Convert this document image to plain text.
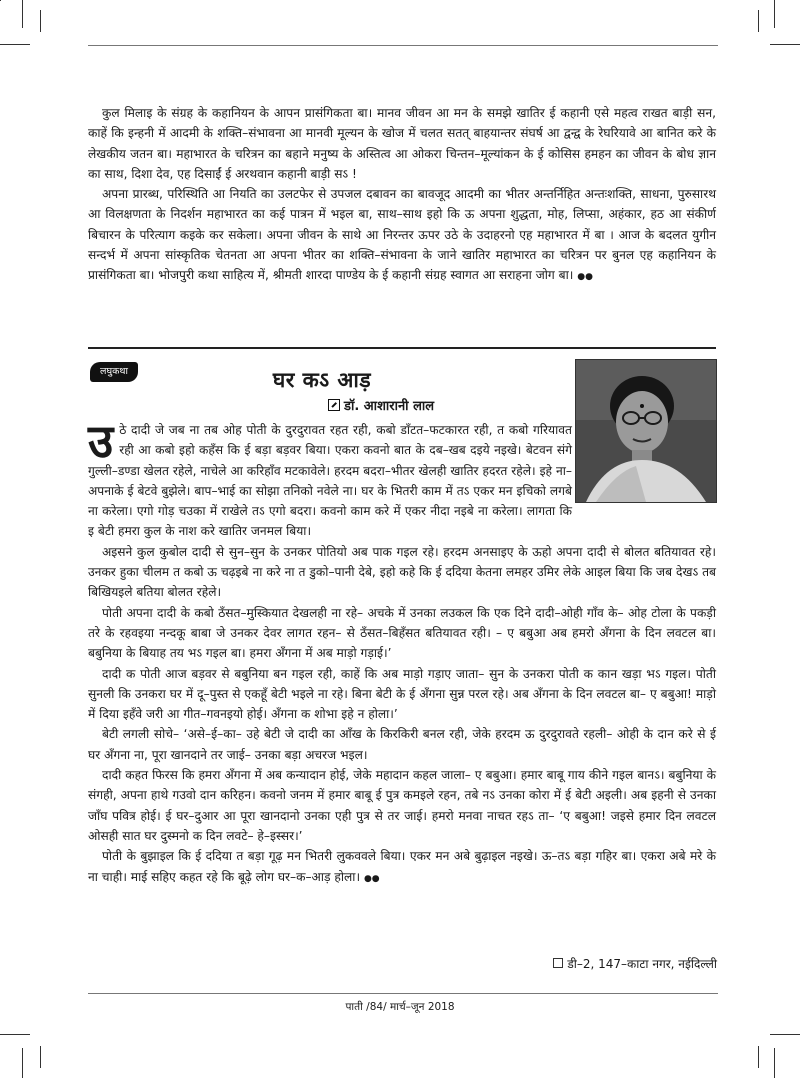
कुल मिलाइ के संग्रह के कहानियन के आपन प्रासंगिकता बा। मानव जीवन आ मन के समझे खातिर ई कहानी एसे महत्व राखत बाड़ी सन, काहें कि इन्हनी में आदमी के शक्ति–संभावना आ मानवी मूल्यन के खोज में चलत सतत् बाहयान्तर संघर्ष आ द्वन्द्व के रेघरियावे आ बानित करे के लेखकीय जतन बा। महाभारत के चरित्रन का बहाने मनुष्य के अस्तित्व आ ओकरा चिन्तन–मूल्यांकन के ई कोसिस हमहन का जीवन के बोध ज्ञान का साथ, दिशा देव, एह दिसाईं ई अरथवान कहानी बाड़ी सऽ !

अपना प्रारब्ध, परिस्थिति आ नियति का उलटफेर से उपजल दबावन का बावजूद आदमी का भीतर अन्तर्निहित अन्तःशक्ति, साधना, पुरुसारथ आ विलक्षणता के निदर्शन महाभारत का कई पात्रन में भइल बा, साथ–साथ इहो कि ऊ अपना शुद्धता, मोह, लिप्सा, अहंकार, हठ आ संकीर्ण बिचारन के परित्याग कइके कर सकेला। अपना जीवन के साथे आ निरन्तर ऊपर उठे के उदाहरनो एह महाभारत में बा । आज के बदलत युगीन सन्दर्भ में अपना सांस्कृतिक चेतनता आ अपना भीतर का शक्ति–संभावना के जाने खातिर महाभारत का चरित्रन पर बुनल एह कहानियन के प्रासंगिकता बा। भोजपुरी कथा साहित्य में, श्रीमती शारदा पाण्डेय के ई कहानी संग्रह स्वागत आ सराहना जोग बा। ●●

लघुकथा	घर कऽ आड़
डॉ. आशारानी लाल

उठे दादी जे जब ना तब ओह पोती के दुरदुरावत रहत रही, कबो डाँटत–फटकारत रही, त कबो गरियावत रही आ कबो इहो कहँस कि ई बड़ा बड़वर बिया। एकरा कवनो बात के दब–खब दइये नइखे। बेटवन संगे गुल्ली–डण्डा खेलत रहेले, नाचेले आ करिहाँव मटकावेले। हरदम बदरा–भीतर खेलही खातिर हदरत रहेले। इहे ना– अपनाके ई बेटवे बुझेले। बाप–भाई का सोझा तनिको नवेले ना। घर के भितरी काम में तऽ एकर मन इचिको लगबे ना करेला। एगो गोड़ चउका में राखेले तऽ एगो बदरा। कवनो काम करे में एकर नीदा नइबे ना करेला। लागता कि इ बेटी हमरा कुल के नाश करे खातिर जनमल बिया।

अइसने कुल कुबोल दादी से सुन–सुन के उनकर पोतियो अब पाक गइल रहे। हरदम अनसाइए के ऊहो अपना दादी से बोलत बतियावत रहे। उनकर हुका चीलम त कबो ऊ चढ़इबे ना करे ना त डुको–पानी देबे, इहो कहे कि ई ददिया केतना लमहर उमिर लेके आइल बिया कि जब देखऽ तब बिखियइले बतिया बोलत रहेले।

पोती अपना दादी के कबो ठँसत–मुस्कियात देखलही ना रहे– अचके में उनका लउकल कि एक दिने दादी–ओही गाँव के– ओह टोला के पकड़ी तरे के रहवइया नन्दकू बाबा जे उनकर देवर लागत रहन– से ठँसत–बिहँसत बतियावत रही। – ए बबुआ अब हमरो अँगना के दिन लवटल बा। बबुनिया के बियाह तय भऽ गइल बा। हमरा अँगना में अब माड़ो गड़ाई।’

दादी क पोती आज बड़वर से बबुनिया बन गइल रही, काहें कि अब माड़ो गड़ाए जाता– सुन के उनकरा पोती क कान खड़ा भऽ गइल। पोती सुनली कि उनकरा घर में दू–पुस्त से एकहूँ बेटी भइले ना रहे। बिना बेटी के ई अँगना सुन्न परल रहे। अब अँगना के दिन लवटल बा– ए बबुआ! माड़ो में दिया इहँवे जरी आ गीत–गवनइयो होई। अँगना क शोभा इहे न होला।’

बेटी लगली सोचे– ‘असे–ई–का– उहे बेटी जे दादी का आँख के किरकिरी बनल रही, जेके हरदम ऊ दुरदुरावते रहली– ओही के दान करे से ई घर अँगना ना, पूरा खानदाने तर जाई– उनका बड़ा अचरज भइल।

दादी कहत फिरस कि हमरा अँगना में अब कन्यादान होई, जेके महादान कहल जाला– ए बबुआ। हमार बाबू गाय कीने गइल बानऽ। बबुनिया के संगही, अपना हाथे गउवो दान करिहन। कवनो जनम में हमार बाबू ई पुत्र कमइले रहन, तबे नऽ उनका कोरा में ई बेटी अइली। अब इहनी से उनका जाँघ पवित्र होई। ई घर–दुआर आ पूरा खानदानो उनका एही पुत्र से तर जाई। हमरो मनवा नाचत रहऽ ता– ‘ए बबुआ! जइसे हमार दिन लवटल ओसही सात घर दुस्मनो क दिन लवटे– हे–इस्सर।’

पोती के बुझाइल कि ई ददिया त बड़ा गूढ़ मन भितरी लुकववले बिया। एकर मन अबे बुढ़ाइल नइखे। ऊ–तऽ बड़ा गहिर बा। एकरा अबे मरे के ना चाही। माई सहिए कहत रहे कि बूढ़े लोग घर–क–आड़ होला। ●●

डी–2, 147–काटा नगर, नईदिल्ली
पाती /84/ मार्च–जून 2018
